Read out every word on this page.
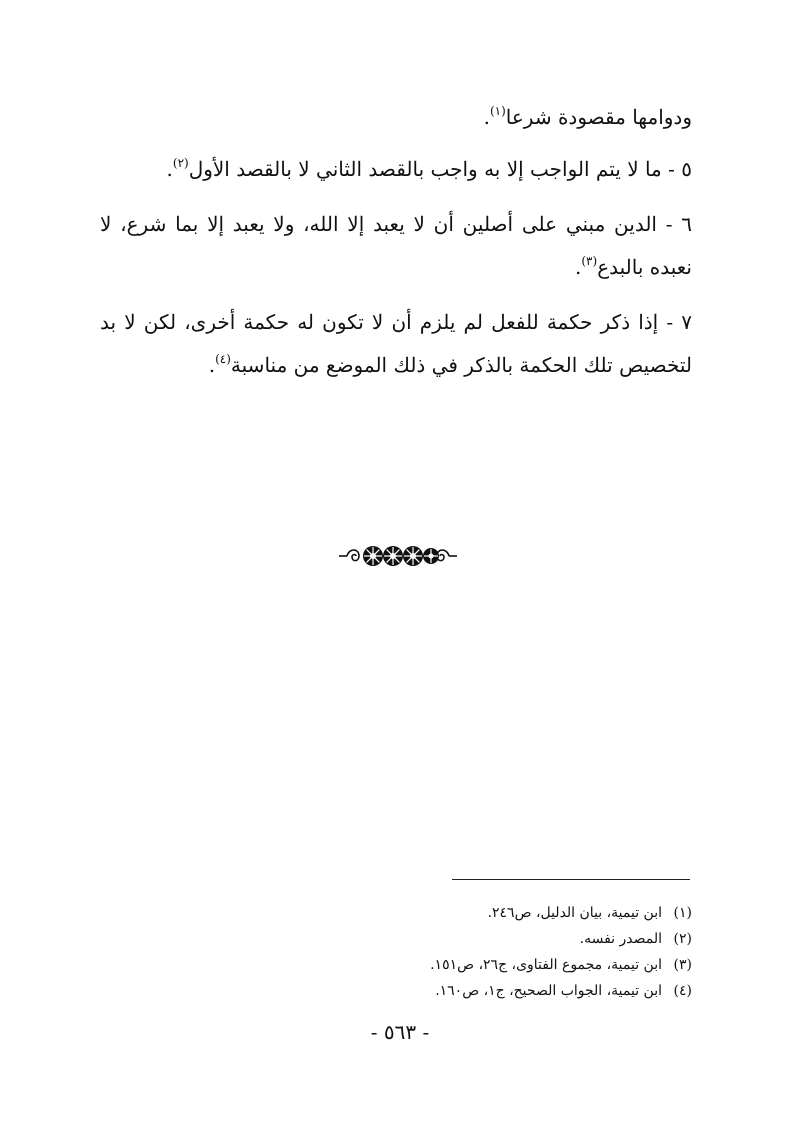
ودوامها مقصودة شرعا$^{(١)}$.

٥ - ما لا يتم الواجب إلا به واجب بالقصد الثاني لا بالقصد الأول$^{(٢)}$.

٦ - الدين مبني على أصلين أن لا يعبد إلا الله، ولا يعبد إلا بما شرع، لا نعبده بالبدع$^{(٣)}$.

٧ - إذا ذكر حكمة للفعل لم يلزم أن لا تكون له حكمة أخرى، لكن لا بد لتخصيص تلك الحكمة بالذكر في ذلك الموضع من مناسبة$^{(٤)}$.

(١)ابن تيمية، بيان الدليل، ص٢٤٦.
(٢)المصدر نفسه.
(٣)ابن تيمية، مجموع الفتاوى، ج٢٦، ص١٥١.
(٤)ابن تيمية، الجواب الصحيح، ج١، ص١٦٠.
- ٥٦٣ -
